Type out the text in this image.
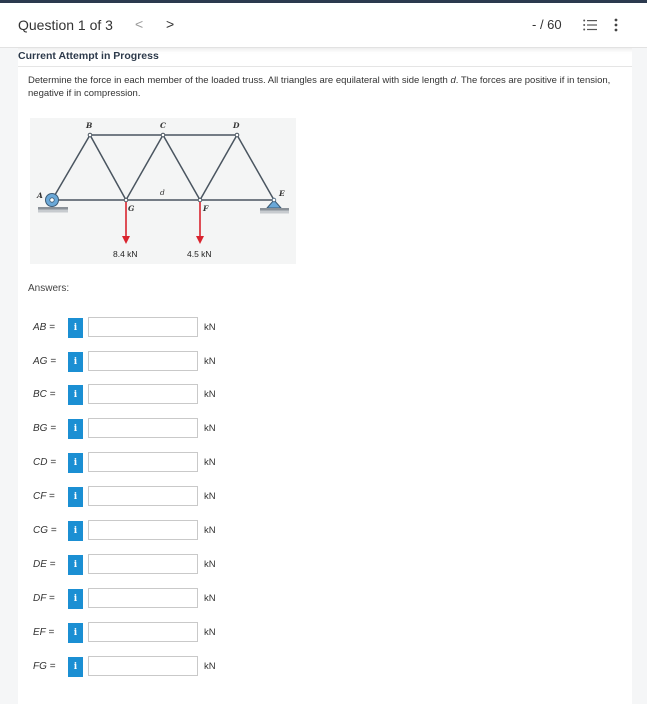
Question 1 of 3 < >	- / 60
Current Attempt in Progress
Determine the force in each member of the loaded truss. All triangles are equilateral with side length d. The forces are positive if in tension, negative if in compression.
B	C	D
A	E
G	F
d
8.4 kN	4.5 kN
Answers:
AB =	i	kN
AG =	i	kN
BC =	i	kN
BG =	i	kN
CD =	i	kN
CF =	i	kN
CG =	i	kN
DE =	i	kN
DF =	i	kN
EF =	i	kN
FG =	i	kN
